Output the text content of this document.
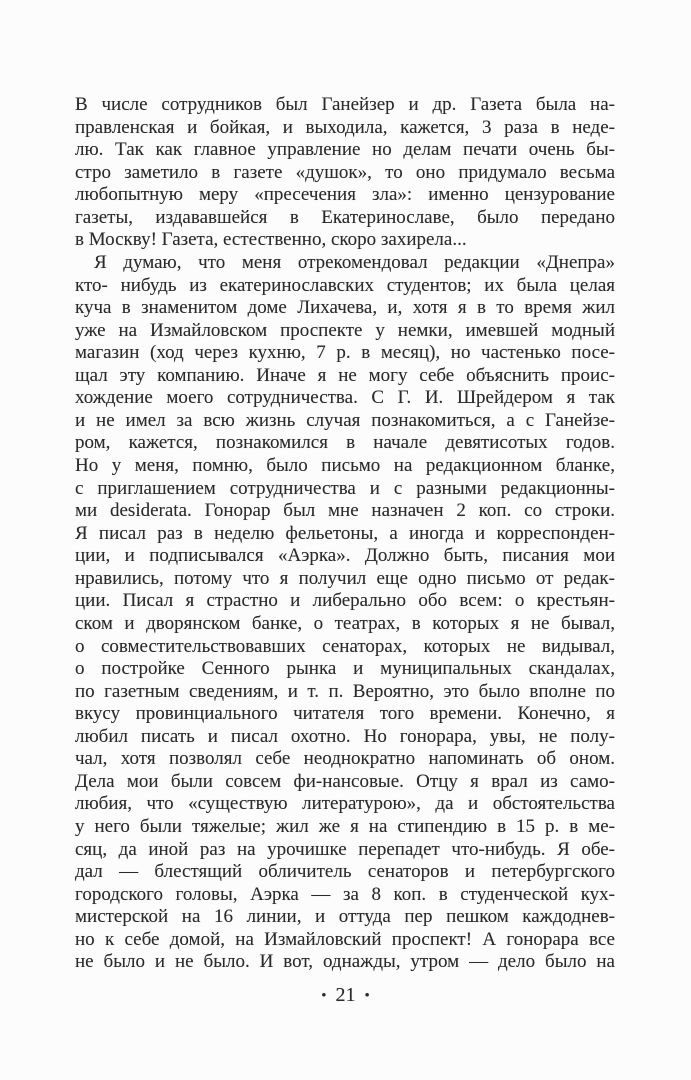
В числе сотрудников был Ганейзер и др. Газета была на-
правленская и бойкая, и выходила, кажется, 3 раза в неде-
лю. Так как главное управление но делам печати очень бы-
стро заметило в газете «душок», то оно придумало весьма
любопытную меру «пресечения зла»: именно цензурование
газеты, издававшейся в Екатеринославе, было передано
в Москву! Газета, естественно, скоро захирела...
Я думаю, что меня отрекомендовал редакции «Днепра»
кто- нибудь из екатеринославских студентов; их была целая
куча в знаменитом доме Лихачева, и, хотя я в то время жил
уже на Измайловском проспекте у немки, имевшей модный
магазин (ход через кухню, 7 р. в месяц), но частенько посе-
щал эту компанию. Иначе я не могу себе объяснить проис-
хождение моего сотрудничества. С Г. И. Шрейдером я так
и не имел за всю жизнь случая познакомиться, а с Ганейзе-
ром, кажется, познакомился в начале девятисотых годов.
Но у меня, помню, было письмо на редакционном бланке,
с приглашением сотрудничества и с разными редакционны-
ми desiderata. Гонорар был мне назначен 2 коп. со строки.
Я писал раз в неделю фельетоны, а иногда и корреспонден-
ции, и подписывался «Аэрка». Должно быть, писания мои
нравились, потому что я получил еще одно письмо от редак-
ции. Писал я страстно и либерально обо всем: о крестьян-
ском и дворянском банке, о театрах, в которых я не бывал,
о совместительствовавших сенаторах, которых не видывал,
о постройке Сенного рынка и муниципальных скандалах,
по газетным сведениям, и т. п. Вероятно, это было вполне по
вкусу провинциального читателя того времени. Конечно, я
любил писать и писал охотно. Но гонорара, увы, не полу-
чал, хотя позволял себе неоднократно напоминать об оном.
Дела мои были совсем фи-нансовые. Отцу я врал из само-
любия, что «существую литературою», да и обстоятельства
у него были тяжелые; жил же я на стипендию в 15 р. в ме-
сяц, да иной раз на урочишке перепадет что-нибудь. Я обе-
дал — блестящий обличитель сенаторов и петербургского
городского головы, Аэрка — за 8 коп. в студенческой кух-
мистерской на 16 линии, и оттуда пер пешком каждоднев-
но к себе домой, на Измайловский проспект! А гонорара все
не было и не было. И вот, однажды, утром — дело было на
• 21 •
